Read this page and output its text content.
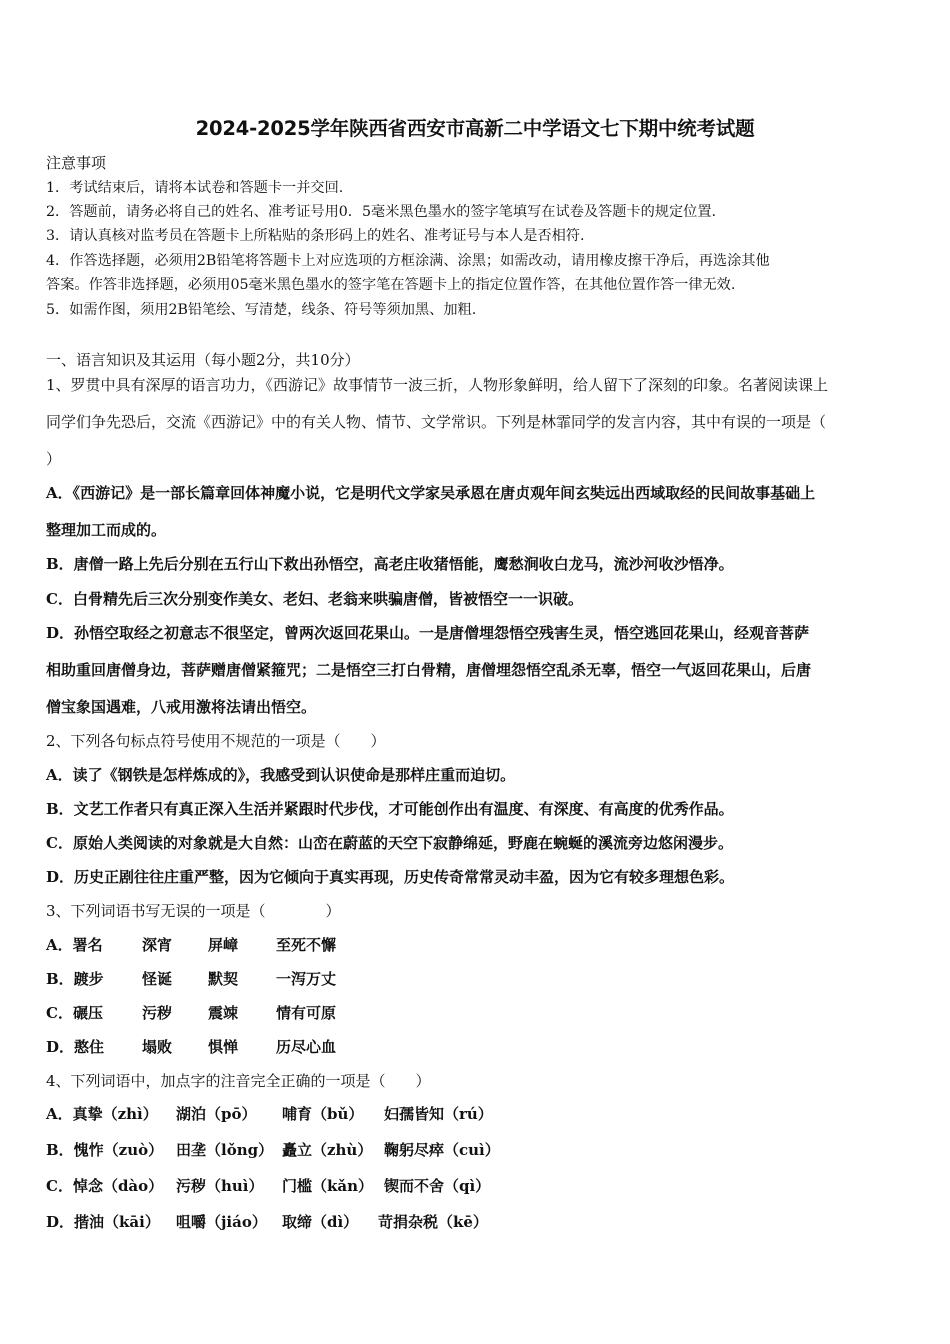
2024-2025学年陕西省西安市高新二中学语文七下期中统考试题
注意事项
1．考试结束后，请将本试卷和答题卡一并交回.
2．答题前，请务必将自己的姓名、准考证号用0．5毫米黑色墨水的签字笔填写在试卷及答题卡的规定位置.
3．请认真核对监考员在答题卡上所粘贴的条形码上的姓名、准考证号与本人是否相符.
4．作答选择题，必须用2B铅笔将答题卡上对应选项的方框涂满、涂黑；如需改动，请用橡皮擦干净后，再选涂其他
答案。作答非选择题，必须用05毫米黑色墨水的签字笔在答题卡上的指定位置作答，在其他位置作答一律无效.
5．如需作图，须用2B铅笔绘、写清楚，线条、符号等须加黑、加粗.
一、语言知识及其运用（每小题2分，共10分）
1、罗贯中具有深厚的语言功力，《西游记》故事情节一波三折，人物形象鲜明，给人留下了深刻的印象。名著阅读课上
同学们争先恐后，交流《西游记》中的有关人物、情节、文学常识。下列是林霏同学的发言内容，其中有误的一项是（
）
A．《西游记》是一部长篇章回体神魔小说，它是明代文学家吴承恩在唐贞观年间玄奘远出西域取经的民间故事基础上
整理加工而成的。
B．唐僧一路上先后分别在五行山下救出孙悟空，高老庄收猪悟能，鹰愁涧收白龙马，流沙河收沙悟净。
C．白骨精先后三次分别变作美女、老妇、老翁来哄骗唐僧，皆被悟空一一识破。
D．孙悟空取经之初意志不很坚定，曾两次返回花果山。一是唐僧埋怨悟空残害生灵，悟空逃回花果山，经观音菩萨
相助重回唐僧身边，菩萨赠唐僧紧箍咒；二是悟空三打白骨精，唐僧埋怨悟空乱杀无辜，悟空一气返回花果山，后唐
僧宝象国遇难，八戒用激将法请出悟空。
2、下列各句标点符号使用不规范的一项是（　　）
A．读了《钢铁是怎样炼成的》，我感受到认识使命是那样庄重而迫切。
B．文艺工作者只有真正深入生活并紧跟时代步伐，才可能创作出有温度、有深度、有高度的优秀作品。
C．原始人类阅读的对象就是大自然：山峦在蔚蓝的天空下寂静绵延，野鹿在蜿蜒的溪流旁边悠闲漫步。
D．历史正剧往往庄重严整，因为它倾向于真实再现，历史传奇常常灵动丰盈，因为它有较多理想色彩。
3、下列词语书写无误的一项是（　　　　）
A．署名	深宵 屏嶂	至死不懈
B．踱步	怪诞 默契	一泻万丈
C．碾压	污秽 震竦	情有可原
D．憨住	塌败 惧惮	历尽心血
4、下列词语中，加点字的注音完全正确的一项是（　　）
A．真挚（zhì） 湖泊（pō） 哺育（bǔ） 妇孺皆知（rú）
B．愧怍（zuò） 田垄（lǒng） 矗立（zhù） 鞠躬尽瘁（cuì）
C．悼念（dào） 污秽（huì） 门槛（kǎn） 锲而不舍（qì）
D．揩油（kāi） 咀嚼（jiáo） 取缔（dì） 苛捐杂税（kē）
